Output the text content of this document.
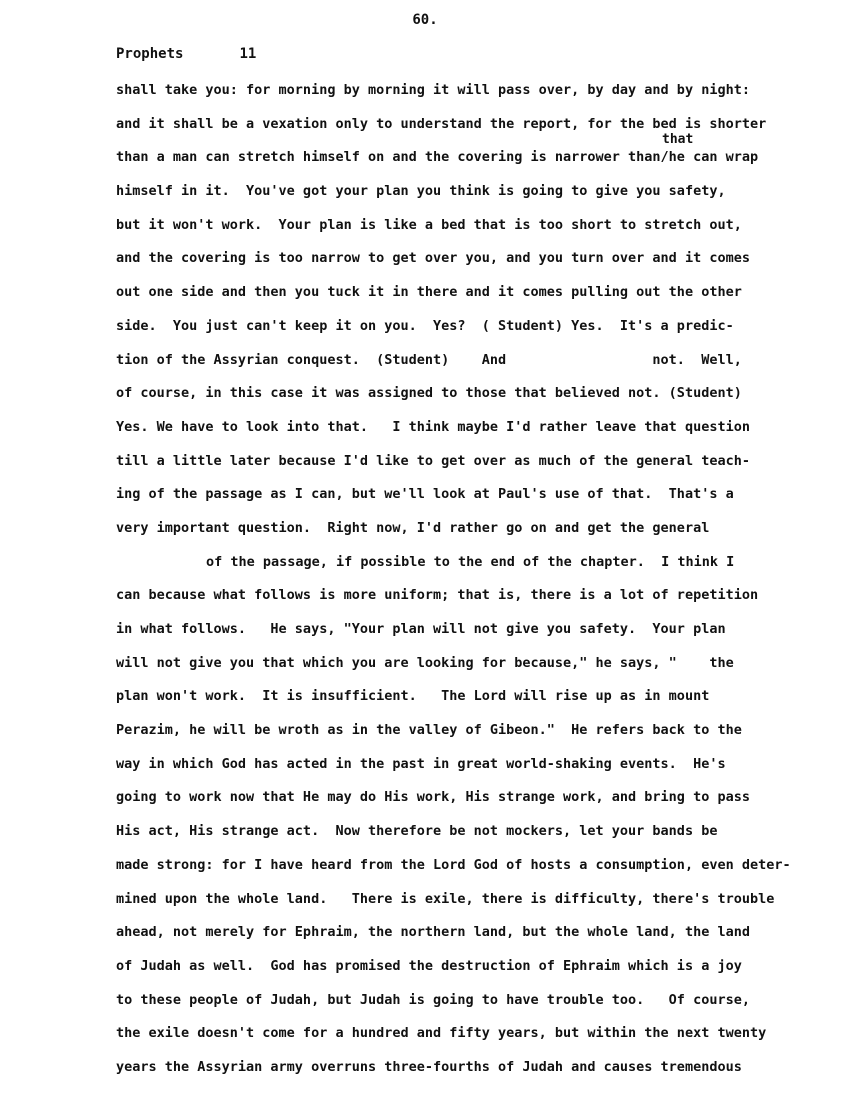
60.
Prophets	11
that
shall take you: for morning by morning it will pass over, by day and by night:
and it shall be a vexation only to understand the report, for the bed is shorter
than a man can stretch himself on and the covering is narrower than/he can wrap
himself in it.  You've got your plan you think is going to give you safety,
but it won't work.  Your plan is like a bed that is too short to stretch out,
and the covering is too narrow to get over you, and you turn over and it comes
out one side and then you tuck it in there and it comes pulling out the other
side.  You just can't keep it on you.  Yes?  ( Student) Yes.  It's a predic-
tion of the Assyrian conquest.  (Student)    And                  not.  Well,
of course, in this case it was assigned to those that believed not. (Student)
Yes. We have to look into that.   I think maybe I'd rather leave that question
till a little later because I'd like to get over as much of the general teach-
ing of the passage as I can, but we'll look at Paul's use of that.  That's a
very important question.  Right now, I'd rather go on and get the general
of the passage, if possible to the end of the chapter.  I think I
can because what follows is more uniform; that is, there is a lot of repetition
in what follows.   He says, "Your plan will not give you safety.  Your plan
will not give you that which you are looking for because," he says, "    the
plan won't work.  It is insufficient.   The Lord will rise up as in mount
Perazim, he will be wroth as in the valley of Gibeon."  He refers back to the
way in which God has acted in the past in great world-shaking events.  He's
going to work now that He may do His work, His strange work, and bring to pass
His act, His strange act.  Now therefore be not mockers, let your bands be
made strong: for I have heard from the Lord God of hosts a consumption, even deter-
mined upon the whole land.   There is exile, there is difficulty, there's trouble
ahead, not merely for Ephraim, the northern land, but the whole land, the land
of Judah as well.  God has promised the destruction of Ephraim which is a joy
to these people of Judah, but Judah is going to have trouble too.   Of course,
the exile doesn't come for a hundred and fifty years, but within the next twenty
years the Assyrian army overruns three-fourths of Judah and causes tremendous
